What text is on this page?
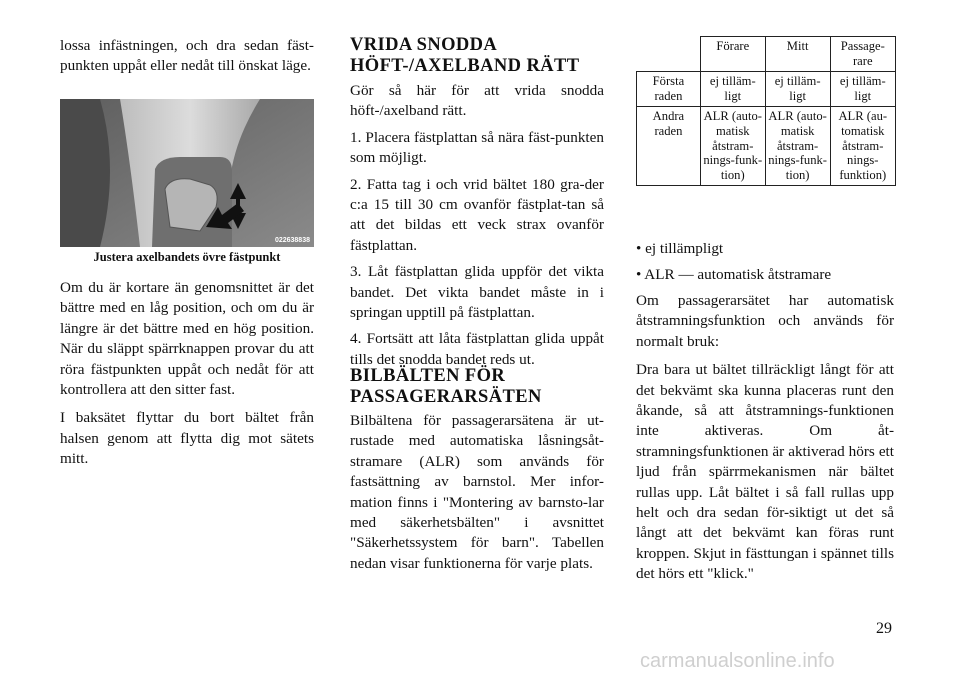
lossa infästningen, och dra sedan fäst-punkten uppåt eller nedåt till önskat läge.

022638838
Justera axelbandets övre fästpunkt

Om du är kortare än genomsnittet är det bättre med en låg position, och om du är längre är det bättre med en hög position. När du släppt spärrknappen provar du att röra fästpunkten uppåt och nedåt för att kontrollera att den sitter fast.

I baksätet flyttar du bort bältet från halsen genom att flytta dig mot sätets mitt.

VRIDA SNODDA HÖFT-/AXELBAND RÄTT

Gör så här för att vrida snodda höft-/axelband rätt.

1. Placera fästplattan så nära fäst-punkten som möjligt.

2. Fatta tag i och vrid bältet 180 gra-der c:a 15 till 30 cm ovanför fästplat-tan så att det bildas ett veck strax ovanför fästplattan.

3. Låt fästplattan glida uppför det vikta bandet. Det vikta bandet måste in i springan upptill på fästplattan.

4. Fortsätt att låta fästplattan glida uppåt tills det snodda bandet reds ut.

BILBÄLTEN FÖR PASSAGERARSÄTEN

Bilbältena för passagerarsätena är ut-rustade med automatiska låsningsåt-stramare (ALR) som används för fastsättning av barnstol. Mer infor-mation finns i "Montering av barnsto-lar med säkerhetsbälten" i avsnittet "Säkerhetssystem för barn". Tabellen nedan visar funktionerna för varje plats.

	Förare	Mitt	Passage-rare
Första raden	ej tilläm-ligt	ej tilläm-ligt	ej tilläm-ligt
Andra raden	ALR (auto-matisk åtstram-nings-funk-tion)	ALR (auto-matisk åtstram-nings-funk-tion)	ALR (au-tomatisk åtstram-nings-funktion)
• ej tillämpligt
• ALR — automatisk åtstramare

Om passagerarsätet har automatisk åtstramningsfunktion och används för normalt bruk:

Dra bara ut bältet tillräckligt långt för att det bekvämt ska kunna placeras runt den åkande, så att åtstramnings-funktionen inte aktiveras. Om åt-stramningsfunktionen är aktiverad hörs ett ljud från spärrmekanismen när bältet rullas upp. Låt bältet i så fall rullas upp helt och dra sedan för-siktigt ut det så långt att det bekvämt kan föras runt kroppen. Skjut in fästtungan i spännet tills det hörs ett "klick."

29
carmanualsonline.info
